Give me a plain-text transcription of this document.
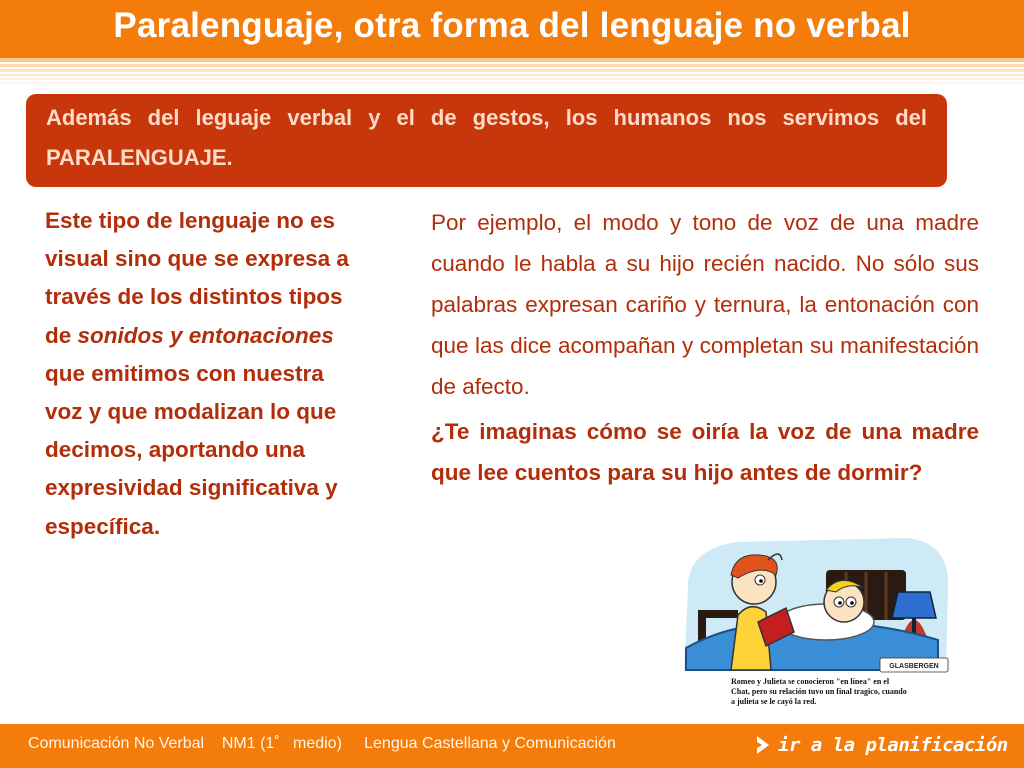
Paralenguaje, otra forma del lenguaje no verbal
Además del leguaje verbal y el de gestos, los humanos nos servimos del PARALENGUAJE.
Este tipo de lenguaje no es visual sino que se expresa a través de los distintos tipos de sonidos y entonaciones que emitimos con nuestra voz y que modalizan lo que decimos, aportando una expresividad significativa y específica.
Por ejemplo, el modo y tono de voz de una madre cuando le habla a su hijo recién nacido. No sólo sus palabras expresan cariño y ternura, la entonación con que las dice acompañan y completan su manifestación de afecto.
¿Te imaginas cómo se oiría la voz de una madre que lee cuentos para su hijo antes de dormir?
GLASBERGEN
Romeo y Julieta se conocieron "en línea" en el Chat, pero su relación tuvo un final tragico, cuando a julieta se le cayó la red.
Comunicación No Verbal    NM1 (1˚   medio)     Lengua Castellana y Comunicación	ir a la planificación
